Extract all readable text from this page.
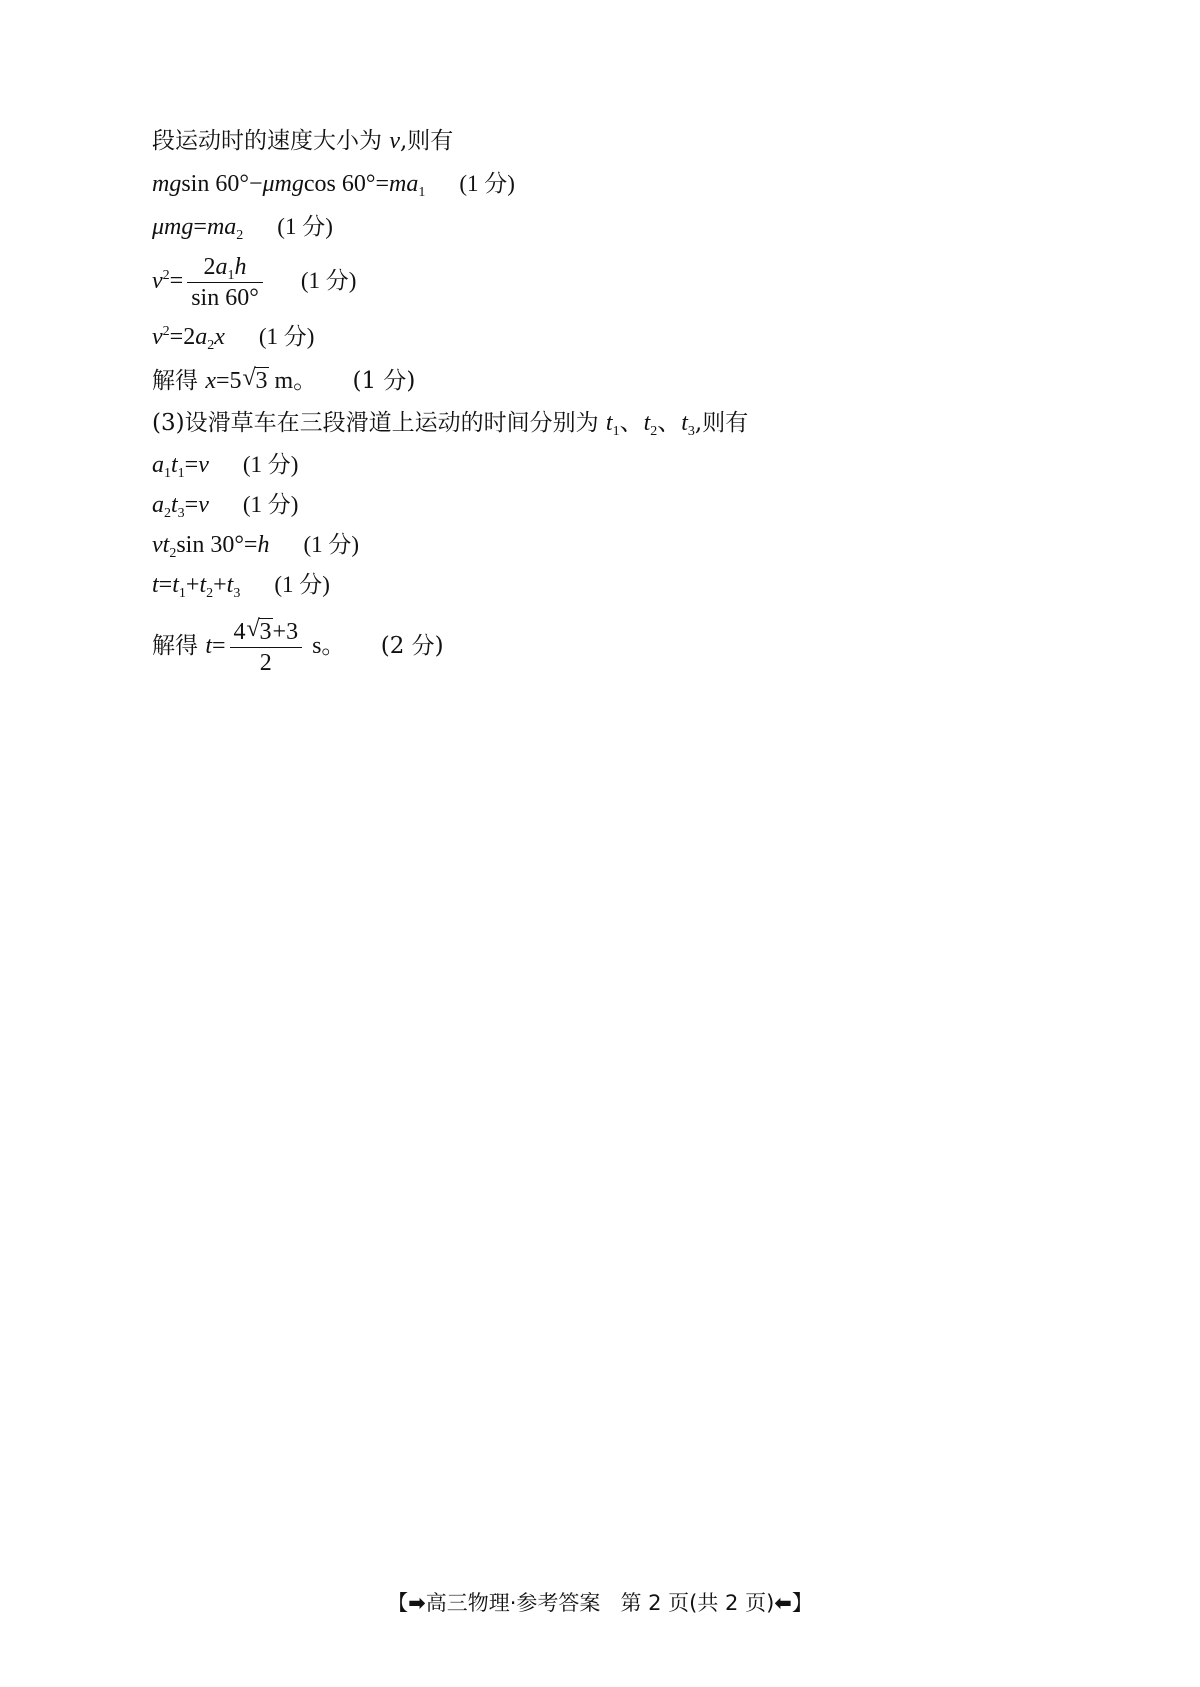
段运动时的速度大小为 v,则有
mgsin 60°−μmgcos $60^\circ=ma_1$ (1 分)
$\mu mg=ma_2$ (1 分)
$v^2= \frac{2a_1h}{\sin 60^\circ} (1$ 分)
$v^2=2a_2x$ (1 分)
解得 x=5 √ 3 m。 (1 分)
(3)设滑草车在三段滑道上运动的时间分别为 $t_1$、$t_2$、$t_3$,则有
$a_1t_1=v$ (1 分)
$a_2t_3=v$ (1 分)
$vt_2\sin$ 30°=h (1 分)
$t=t_1+t_2+t_3$ (1 分)
解得 $t= \frac{4 √ 3+3}{2}$ s。 (2 分)
【➡高三物理·参考答案 第 2 页(共 2 页)⬅】
